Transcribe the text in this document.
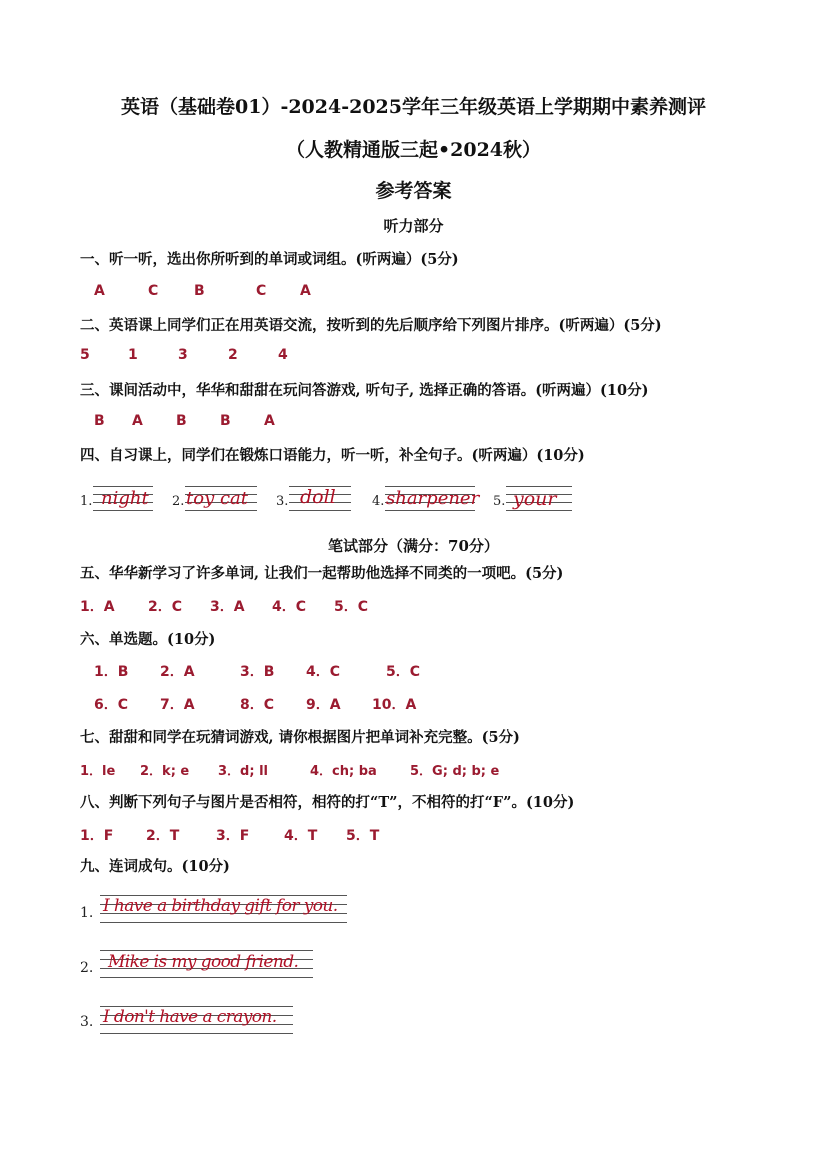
英语（基础卷01）-2024-2025学年三年级英语上学期期中素养测评
（人教精通版三起•2024秋）
参考答案
听力部分
一、听一听，选出你所听到的单词或词组。(听两遍）(5分)
A	C	B	C A
二、英语课上同学们正在用英语交流，按听到的先后顺序给下列图片排序。(听两遍）(5分)
5	1	3	2	4
三、课间活动中，华华和甜甜在玩问答游戏, 听句子, 选择正确的答语。(听两遍）(10分)
B A B B A
四、自习课上，同学们在锻炼口语能力，听一听，补全句子。(听两遍）(10分)
1. night 2. toy cat 3. doll	4. sharpener 5. your
笔试部分（满分：70分）
五、华华新学习了许多单词, 让我们一起帮助他选择不同类的一项吧。(5分)
1．A 2．C 3．A 4．C 5．C
六、单选题。(10分)
1．B 2．A	3．B 4．C	5．C
6．C 7．A	8．C 9．A 10．A
七、甜甜和同学在玩猜词游戏, 请你根据图片把单词补充完整。(5分)
1．le 2．k; e 3．d; ll	4．ch; ba	5．G; d; b; e
八、判断下列句子与图片是否相符，相符的打“T”，不相符的打“F”。(10分)
1．F 2．T	3．F 4．T 5．T
九、连词成句。(10分)
1. I have a birthday gift for you.
2. Mike is my good friend.
3. I don't have a crayon.
